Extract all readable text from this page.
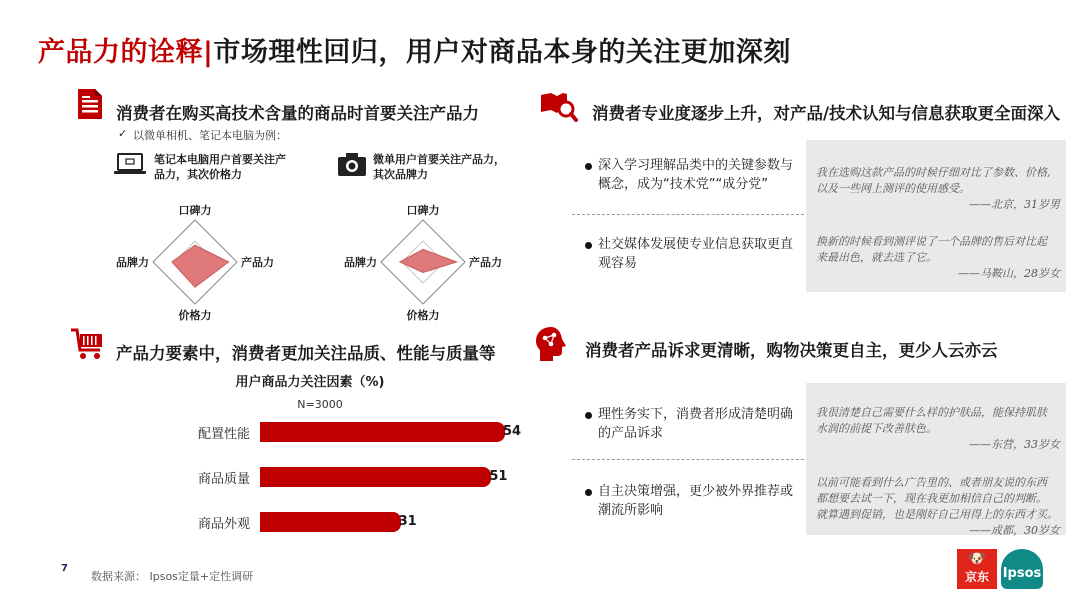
产品力的诠释|市场理性回归，用户对商品本身的关注更加深刻
消费者在购买高技术含量的商品时首要关注产品力
✓ 以微单相机、笔记本电脑为例：
笔记本电脑用户首要关注产
品力，其次价格力
微单用户首要关注产品力，
其次品牌力
口碑力
产品力
价格力
品牌力
口碑力
产品力
价格力
品牌力
产品力要素中，消费者更加关注品质、性能与质量等
用户商品力关注因素（%)
N=3000
配置性能	54
商品质量	51
商品外观	31
消费者专业度逐步上升，对产品/技术认知与信息获取更全面深入
深入学习理解品类中的关键参数与
概念，成为“技术党”“成分党”
社交媒体发展使专业信息获取更直
观容易
我在选购这款产品的时候仔细对比了参数、价格,
以及一些网上测评的使用感受。
——北京，31岁男
换新的时候看到测评说了一个品牌的售后对比起
来最出色，就去选了它。
——马鞍山，28岁女
消费者产品诉求更清晰，购物决策更自主，更少人云亦云
理性务实下，消费者形成清楚明确
的产品诉求
自主决策增强，更少被外界推荐或
潮流所影响
我很清楚自己需要什么样的护肤品，能保持肌肤
水润的前提下改善肤色。
——东营，33岁女
以前可能看到什么广告里的、或者朋友说的东西
都想要去试一下，现在我更加相信自己的判断。
就算遇到促销，也是刚好自己用得上的东西才买。
——成都，30岁女
7
数据来源： Ipsos定量+定性调研
🐶
京东	Ipsos
